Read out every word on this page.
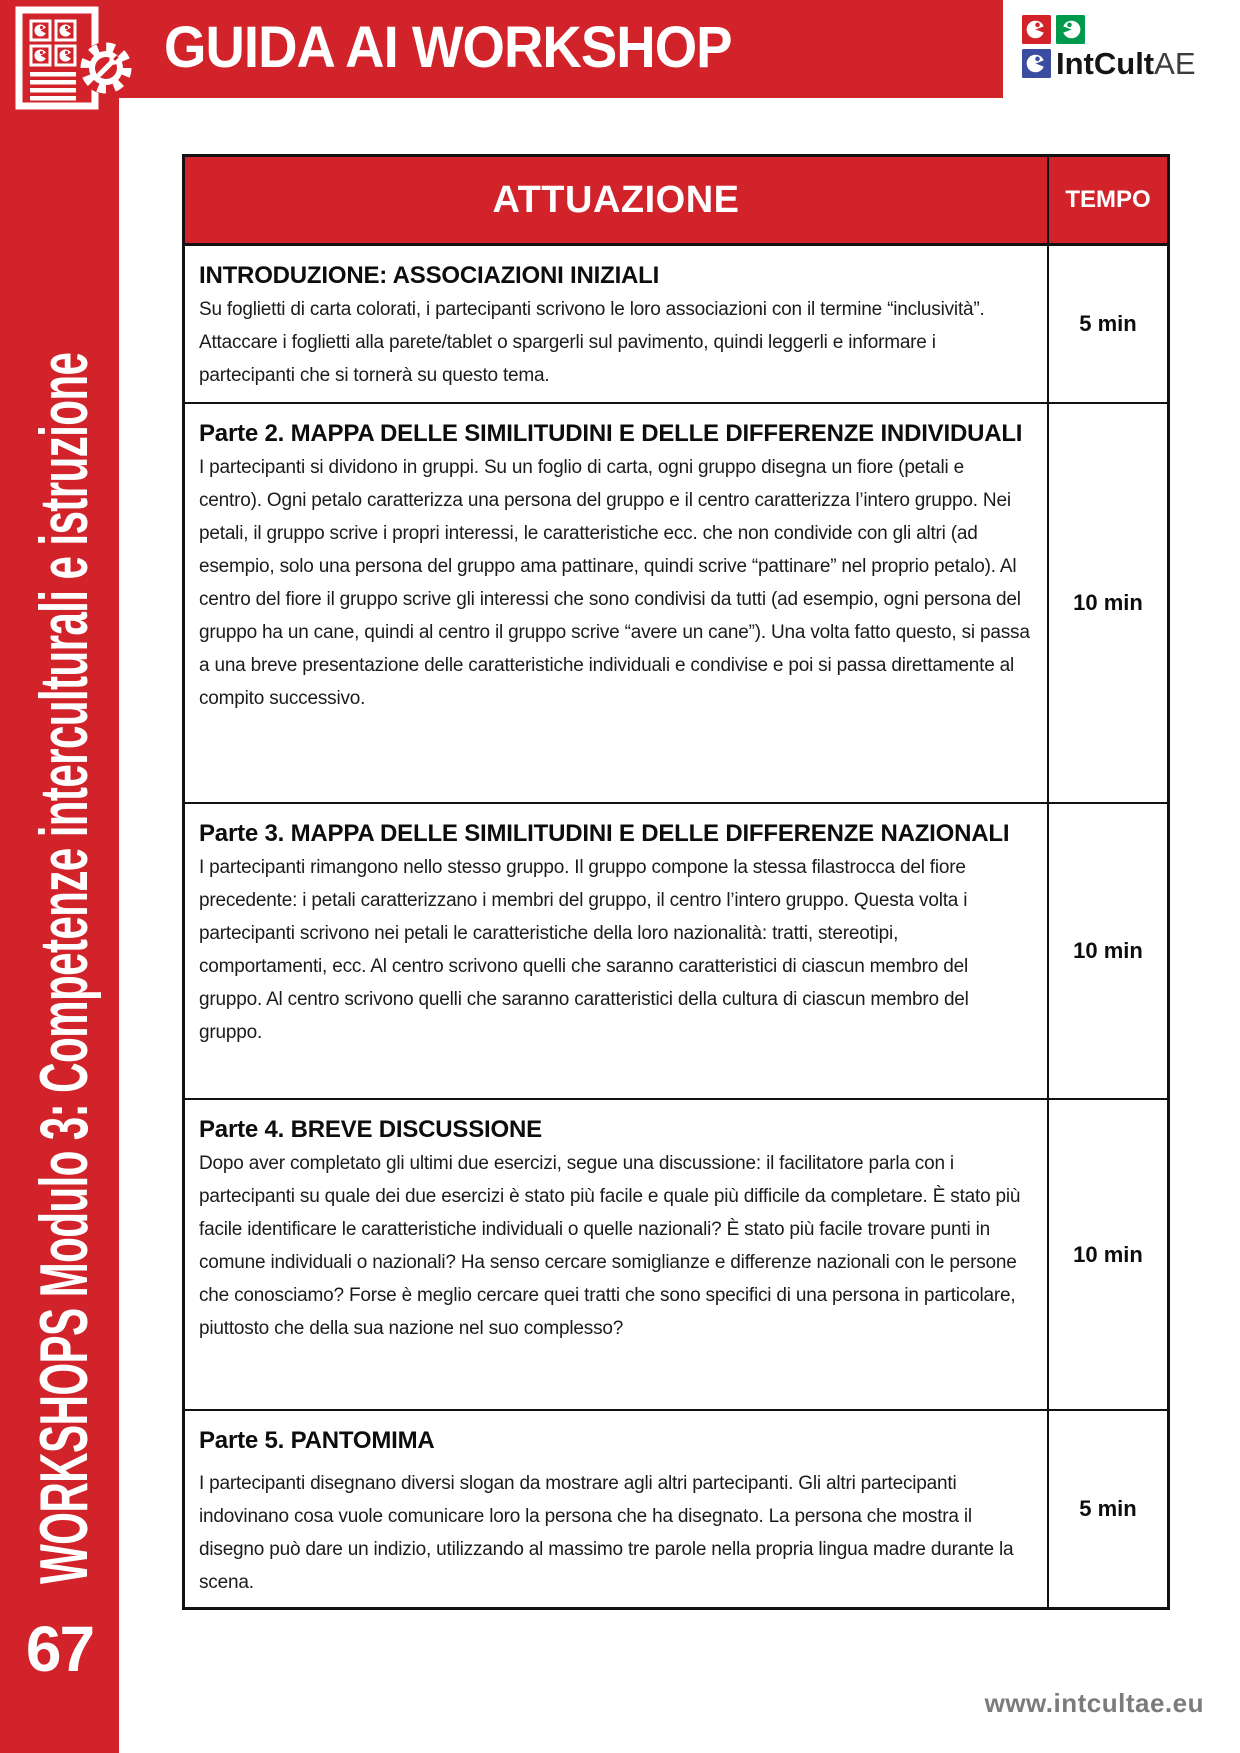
GUIDA AI WORKSHOP	IntCultAE

WORKSHOPS Modulo 3: Competenze interculturali e istruzione

67
ATTUAZIONE	TEMPO
INTRODUZIONE: ASSOCIAZIONI INIZIALI
Su foglietti di carta colorati, i partecipanti scrivono le loro associazioni con il termine “inclusività”. Attaccare i foglietti alla parete/tablet o spargerli sul pavimento, quindi leggerli e informare i partecipanti che si tornerà su questo tema.
5 min
Parte 2. MAPPA DELLE SIMILITUDINI E DELLE DIFFERENZE INDIVIDUALI
I partecipanti si dividono in gruppi. Su un foglio di carta, ogni gruppo disegna un fiore (petali e centro). Ogni petalo caratterizza una persona del gruppo e il centro caratterizza l’intero gruppo. Nei petali, il gruppo scrive i propri interessi, le caratteristiche ecc. che non condivide con gli altri (ad esempio, solo una persona del gruppo ama pattinare, quindi scrive “pattinare” nel proprio petalo). Al centro del fiore il gruppo scrive gli interessi che sono condivisi da tutti (ad esempio, ogni persona del gruppo ha un cane, quindi al centro il gruppo scrive “avere un cane”). Una volta fatto questo, si passa a una breve presentazione delle caratteristiche individuali e condivise e poi si passa direttamente al compito successivo.
10 min
Parte 3. MAPPA DELLE SIMILITUDINI E DELLE DIFFERENZE NAZIONALI
I partecipanti rimangono nello stesso gruppo. Il gruppo compone la stessa filastrocca del fiore precedente: i petali caratterizzano i membri del gruppo, il centro l’intero gruppo. Questa volta i partecipanti scrivono nei petali le caratteristiche della loro nazionalità: tratti, stereotipi, comportamenti, ecc. Al centro scrivono quelli che saranno caratteristici di ciascun membro del gruppo. Al centro scrivono quelli che saranno caratteristici della cultura di ciascun membro del gruppo.
10 min
Parte 4. BREVE DISCUSSIONE
Dopo aver completato gli ultimi due esercizi, segue una discussione: il facilitatore parla con i partecipanti su quale dei due esercizi è stato più facile e quale più difficile da completare. È stato più facile identificare le caratteristiche individuali o quelle nazionali? È stato più facile trovare punti in comune individuali o nazionali? Ha senso cercare somiglianze e differenze nazionali con le persone che conosciamo? Forse è meglio cercare quei tratti che sono specifici di una persona in particolare, piuttosto che della sua nazione nel suo complesso?
10 min
Parte 5. PANTOMIMA
I partecipanti disegnano diversi slogan da mostrare agli altri partecipanti. Gli altri partecipanti indovinano cosa vuole comunicare loro la persona che ha disegnato. La persona che mostra il disegno può dare un indizio, utilizzando al massimo tre parole nella propria lingua madre durante la scena.
5 min
www.intcultae.eu
